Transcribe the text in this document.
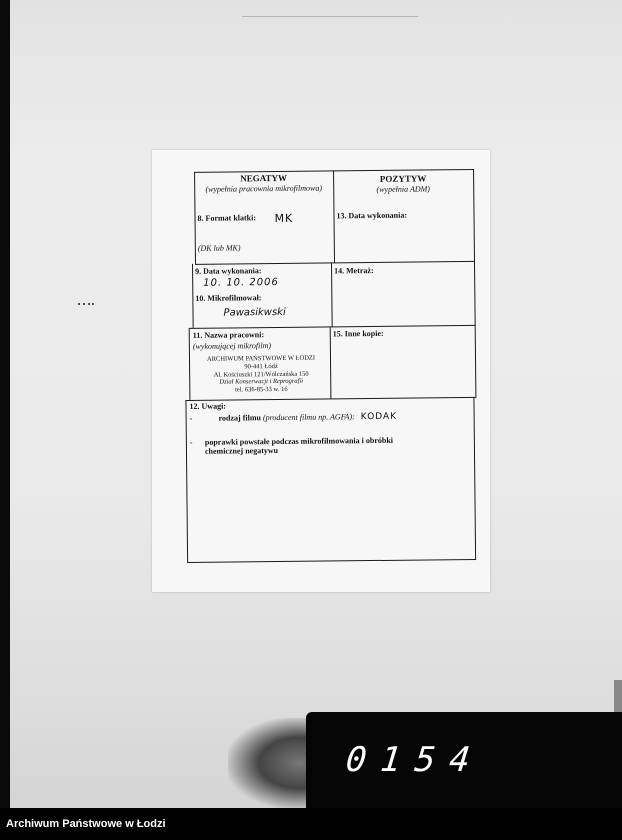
NEGATYW
(wypełnia pracownia mikrofilmowa)
POZYTYW
(wypełnia ADM)
8. Format klatki: MK
(DK lub MK)
13. Data wykonania:
9. Data wykonania:
10. 10. 2006
10. Mikrofilmował:
Pawasikwski
14. Metraż:
11. Nazwa pracowni:
(wykonującej mikrofilm)
ARCHIWUM PAŃSTWOWE W ŁODZI
90-441 Łódź
Al. Kościuszki 121/Wólczańska 150
Dział Konserwacji i Reprografii
tel. 636-85-33 w. 16
15. Inne kopie:
12. Uwagi:
-	rodzaj filmu (producent filmu np. AGFA): KODAK
- poprawki powstałe podczas mikrofilmowania i obróbki
chemicznej negatywu
0154
Archiwum Państwowe w Łodzi
